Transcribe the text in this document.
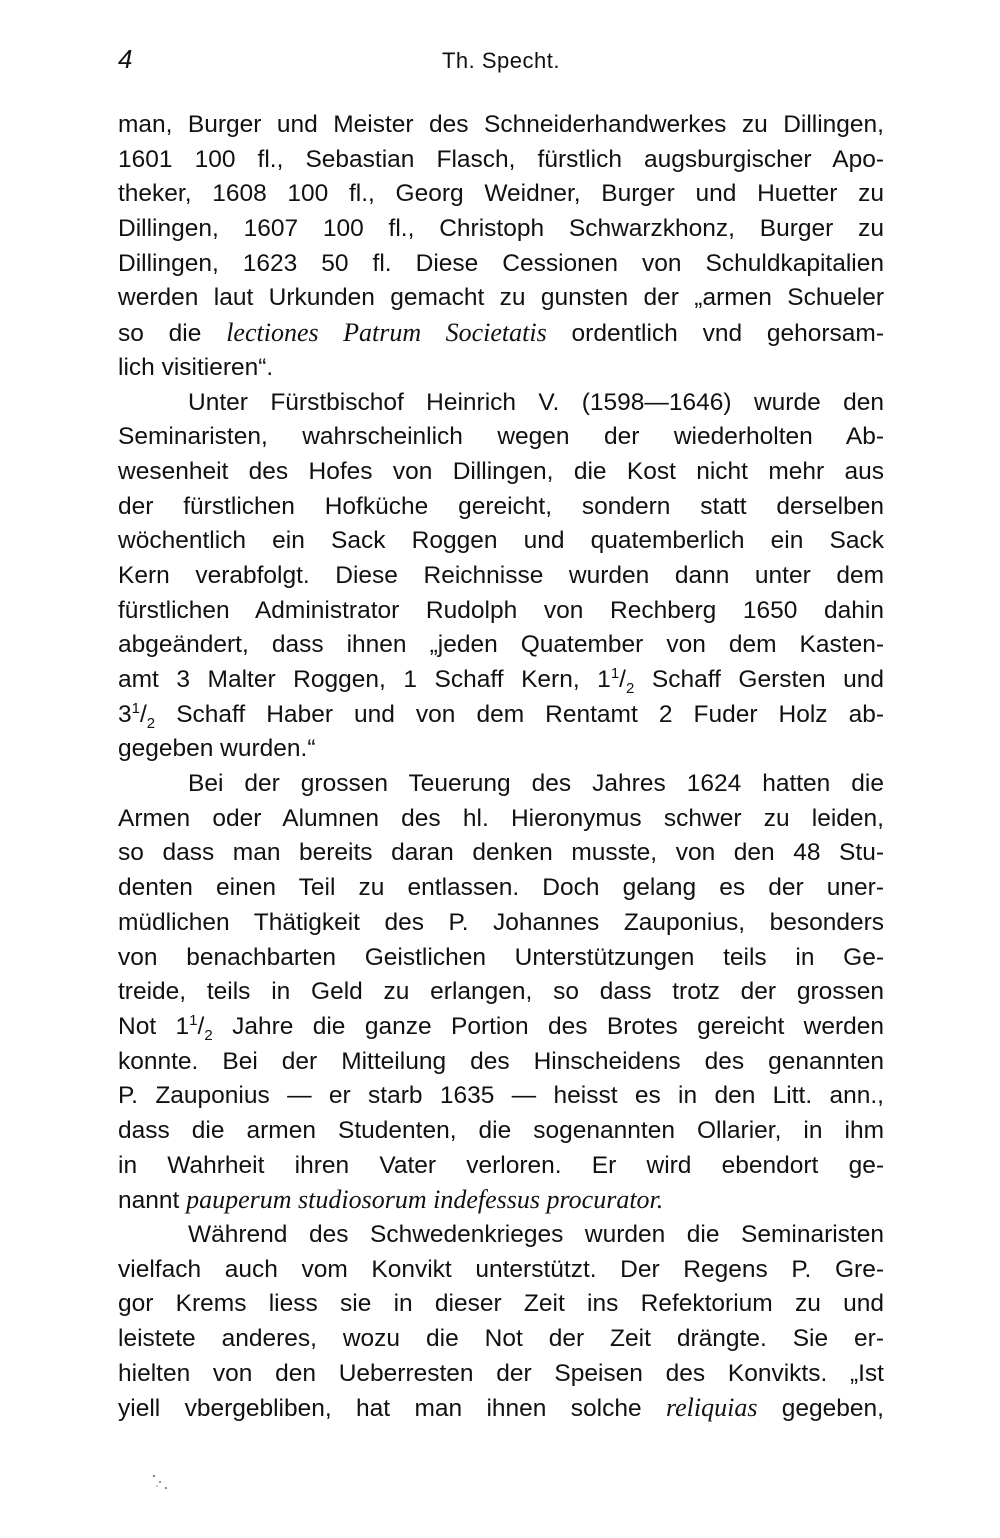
4	Th. Specht.
man, Burger und Meister des Schneiderhandwerkes zu Dillingen,
1601 100 fl., Sebastian Flasch, fürstlich augsburgischer Apo-
theker, 1608 100 fl., Georg Weidner, Burger und Huetter zu
Dillingen, 1607 100 fl., Christoph Schwarzkhonz, Burger zu
Dillingen, 1623 50 fl. Diese Cessionen von Schuldkapitalien
werden laut Urkunden gemacht zu gunsten der „armen Schueler
so die lectiones Patrum Societatis ordentlich vnd gehorsam-
lich visitieren“.
Unter Fürstbischof Heinrich V. (1598—1646) wurde den
Seminaristen, wahrscheinlich wegen der wiederholten Ab-
wesenheit des Hofes von Dillingen, die Kost nicht mehr aus
der fürstlichen Hofküche gereicht, sondern statt derselben
wöchentlich ein Sack Roggen und quatemberlich ein Sack
Kern verabfolgt. Diese Reichnisse wurden dann unter dem
fürstlichen Administrator Rudolph von Rechberg 1650 dahin
abgeändert, dass ihnen „jeden Quatember von dem Kasten-
amt 3 Malter Roggen, 1 Schaff Kern, $1^1/_2$ Schaff Gersten und
$3^1/_2$ Schaff Haber und von dem Rentamt 2 Fuder Holz ab-
gegeben wurden.“
Bei der grossen Teuerung des Jahres 1624 hatten die
Armen oder Alumnen des hl. Hieronymus schwer zu leiden,
so dass man bereits daran denken musste, von den 48 Stu-
denten einen Teil zu entlassen. Doch gelang es der uner-
müdlichen Thätigkeit des P. Johannes Zauponius, besonders
von benachbarten Geistlichen Unterstützungen teils in Ge-
treide, teils in Geld zu erlangen, so dass trotz der grossen
Not $1^1/_2$ Jahre die ganze Portion des Brotes gereicht werden
konnte. Bei der Mitteilung des Hinscheidens des genannten
P. Zauponius — er starb 1635 — heisst es in den Litt. ann.,
dass die armen Studenten, die sogenannten Ollarier, in ihm
in Wahrheit ihren Vater verloren. Er wird ebendort ge-
nannt pauperum studiosorum indefessus procurator.
Während des Schwedenkrieges wurden die Seminaristen
vielfach auch vom Konvikt unterstützt. Der Regens P. Gre-
gor Krems liess sie in dieser Zeit ins Refektorium zu und
leistete anderes, wozu die Not der Zeit drängte. Sie er-
hielten von den Ueberresten der Speisen des Konvikts. „Ist
yiell vbergebliben, hat man ihnen solche reliquias gegeben,
